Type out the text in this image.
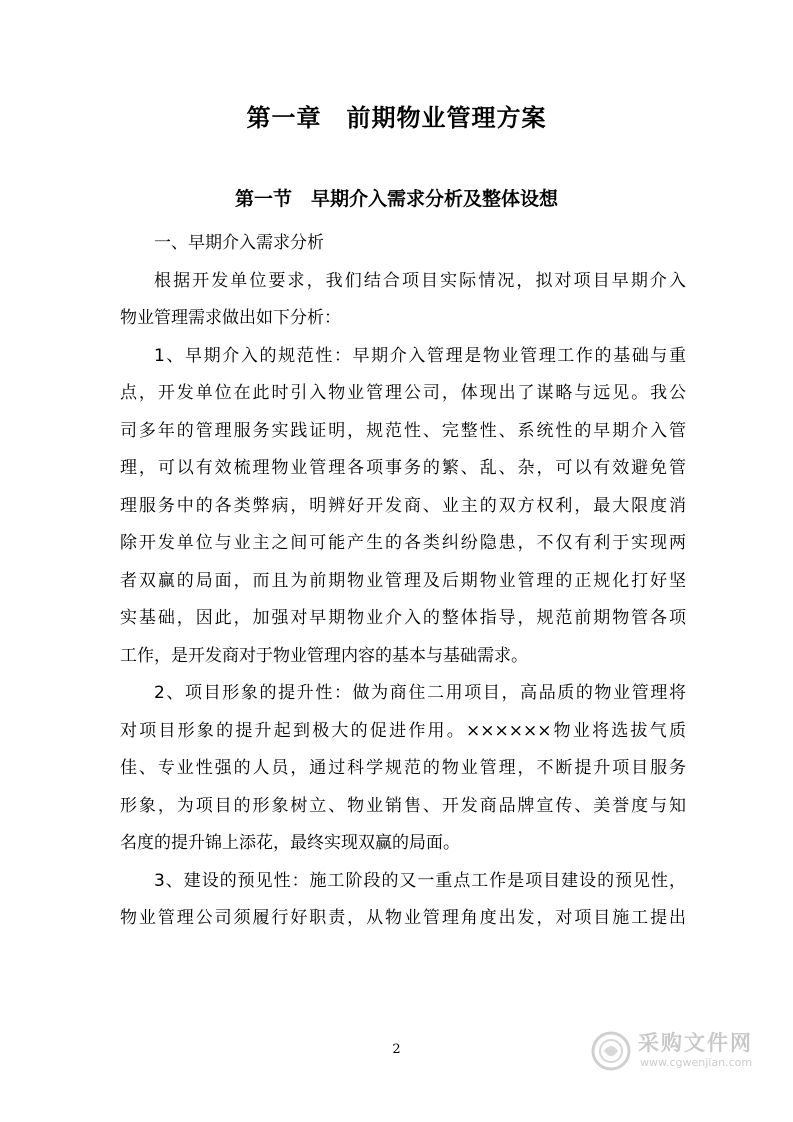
第一章　前期物业管理方案
第一节　早期介入需求分析及整体设想
一、早期介入需求分析
根据开发单位要求，我们结合项目实际情况，拟对项目早期介入
物业管理需求做出如下分析：
1、早期介入的规范性：早期介入管理是物业管理工作的基础与重
点，开发单位在此时引入物业管理公司，体现出了谋略与远见。我公
司多年的管理服务实践证明，规范性、完整性、系统性的早期介入管
理，可以有效梳理物业管理各项事务的繁、乱、杂，可以有效避免管
理服务中的各类弊病，明辨好开发商、业主的双方权利，最大限度消
除开发单位与业主之间可能产生的各类纠纷隐患，不仅有利于实现两
者双赢的局面，而且为前期物业管理及后期物业管理的正规化打好坚
实基础，因此，加强对早期物业介入的整体指导，规范前期物管各项
工作，是开发商对于物业管理内容的基本与基础需求。
2、项目形象的提升性：做为商住二用项目，高品质的物业管理将
对项目形象的提升起到极大的促进作用。××××××物业将选拔气质
佳、专业性强的人员，通过科学规范的物业管理，不断提升项目服务
形象，为项目的形象树立、物业销售、开发商品牌宣传、美誉度与知
名度的提升锦上添花，最终实现双赢的局面。
3、建设的预见性：施工阶段的又一重点工作是项目建设的预见性，
物业管理公司须履行好职责，从物业管理角度出发，对项目施工提出
2	采购文件网
www.cgwenjian.com
